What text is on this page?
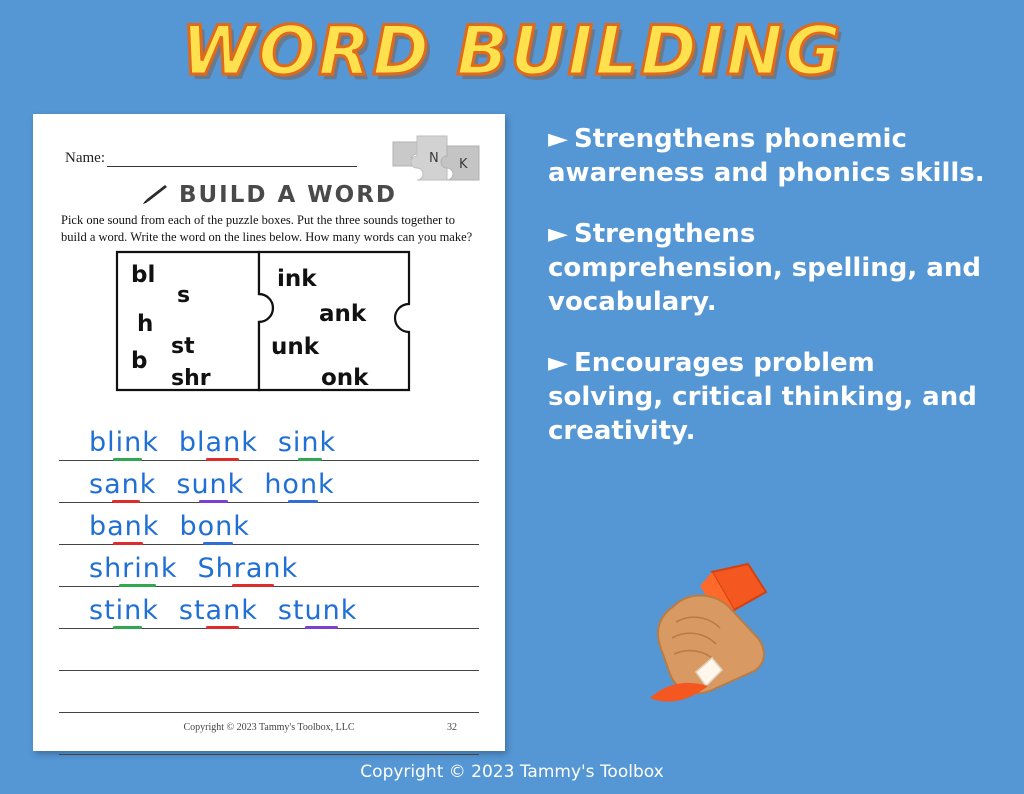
WORD BUILDING
Name:	N K
BUILD A WORD
Pick one sound from each of the puzzle boxes. Put the three sounds together to build a word. Write the word on the lines below. How many words can you make?
bl
s
h
st
b
shr
ink
ank
unk
onk
blink blank sink
sank sunk honk
bank bonk
shrink Shrank
stink stank stunk
Copyright © 2023 Tammy's Toolbox, LLC	32
► Strengthens phonemic awareness and phonics skills.
► Strengthens comprehension, spelling, and vocabulary.
► Encourages problem solving, critical thinking, and creativity.
Copyright © 2023 Tammy's Toolbox
